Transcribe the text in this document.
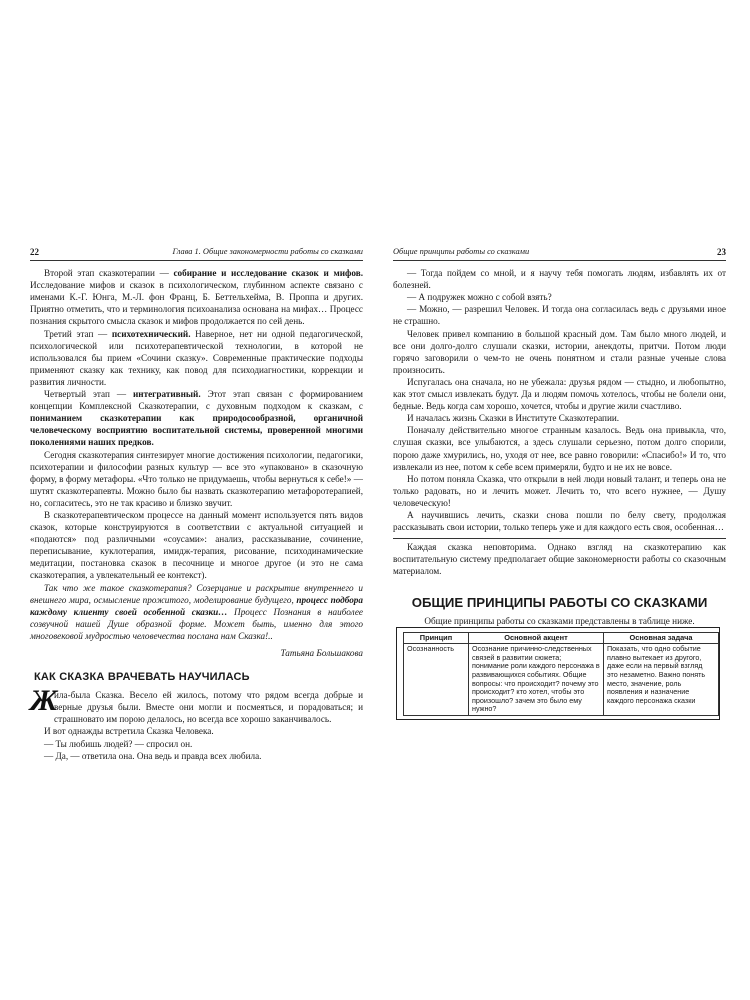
22	Глава 1. Общие закономерности работы со сказками

Второй этап сказкотерапии — собирание и исследование сказок и мифов. Исследование мифов и сказок в психологическом, глубинном аспекте связано с именами К.-Г. Юнга, М.-Л. фон Франц, Б. Беттельхейма, В. Проппа и других. Приятно отметить, что и терминология психоанализа основана на мифах… Процесс познания скрытого смысла сказок и мифов продолжается по сей день.

Третий этап — психотехнический. Наверное, нет ни одной педагогической, психологической или психотерапевтической технологии, в которой не использовался бы прием «Сочини сказку». Современные практические подходы применяют сказку как технику, как повод для психодиагностики, коррекции и развития личности.

Четвертый этап — интегративный. Этот этап связан с формированием концепции Комплексной Сказкотерапии, с духовным подходом к сказкам, с пониманием сказкотерапии как природосообразной, органичной человеческому восприятию воспитательной системы, проверенной многими поколениями наших предков.

Сегодня сказкотерапия синтезирует многие достижения психологии, педагогики, психотерапии и философии разных культур — все это «упаковано» в сказочную форму, в форму метафоры. «Что только не придумаешь, чтобы вернуться к себе!» — шутят сказкотерапевты. Можно было бы назвать сказкотерапию метафоротерапией, но, согласитесь, это не так красиво и близко звучит.

В сказкотерапевтическом процессе на данный момент используется пять видов сказок, которые конструируются в соответствии с актуальной ситуацией и «подаются» под различными «соусами»: анализ, рассказывание, сочинение, переписывание, куклотерапия, имидж-терапия, рисование, психодинамические медитации, постановка сказок в песочнице и многое другое (и это не сама сказкотерапия, а увлекательный ее контекст).

Так что же такое сказкотерапия? Созерцание и раскрытие внутреннего и внешнего мира, осмысление прожитого, моделирование будущего, процесс подбора каждому клиенту своей особенной сказки… Процесс Познания в наиболее созвучной нашей Душе образной форме. Может быть, именно для этого многовековой мудростью человечества послана нам Сказка!..

Татьяна Большакова

КАК СКАЗКА ВРАЧЕВАТЬ НАУЧИЛАСЬ
Ж

ила-была Сказка. Весело ей жилось, потому что рядом всегда добрые и верные друзья были. Вместе они могли и посмеяться, и порадоваться; и страшновато им порою делалось, но всегда все хорошо заканчивалось.

И вот однажды встретила Сказка Человека.

— Ты любишь людей? — спросил он.

— Да, — ответила она. Она ведь и правда всех любила.

Общие принципы работы со сказками	23

— Тогда пойдем со мной, и я научу тебя помогать людям, избавлять их от болезней.

— А подружек можно с собой взять?

— Можно, — разрешил Человек. И тогда она согласилась ведь с друзьями иное не страшно.

Человек привел компанию в большой красный дом. Там было много людей, и все они долго-долго слушали сказки, истории, анекдоты, притчи. Потом люди горячо заговорили о чем-то не очень понятном и стали разные ученые слова произносить.

Испугалась она сначала, но не убежала: друзья рядом — стыдно, и любопытно, как этот смысл извлекать будут. Да и людям помочь хотелось, чтобы не болели они, бедные. Ведь когда сам хорошо, хочется, чтобы и другие жили счастливо.

И началась жизнь Сказки в Институте Сказкотерапии.

Поначалу действительно многое странным казалось. Ведь она привыкла, что, слушая сказки, все улыбаются, а здесь слушали серьезно, потом долго спорили, порою даже хмурились, но, уходя от нее, все равно говорили: «Спасибо!» И то, что извлекали из нее, потом к себе всем примеряли, будто и не их не вовсе.

Но потом поняла Сказка, что открыли в ней люди новый талант, и теперь она не только радовать, но и лечить может. Лечить то, что всего нужнее, — Душу человеческую!

А научившись лечить, сказки снова пошли по белу свету, продолжая рассказывать свои истории, только теперь уже и для каждого есть своя, особенная…

Каждая сказка неповторима. Однако взгляд на сказкотерапию как воспитательную систему предполагает общие закономерности работы со сказочным материалом.

ОБЩИЕ ПРИНЦИПЫ РАБОТЫ СО СКАЗКАМИ

Общие принципы работы со сказками представлены в таблице ниже.

Принцип	Основной акцент	Основная задача
Осознанность	Осознание причинно-следственных связей в развитии сюжета; понимание роли каждого персонажа в развивающихся событиях. Общие вопросы: что происходит? почему это происходит? кто хотел, чтобы это произошло? зачем это было ему нужно?	Показать, что одно событие плавно вытекает из другого, даже если на первый взгляд это незаметно. Важно понять место, значение, роль появления и назначение каждого персонажа сказки
